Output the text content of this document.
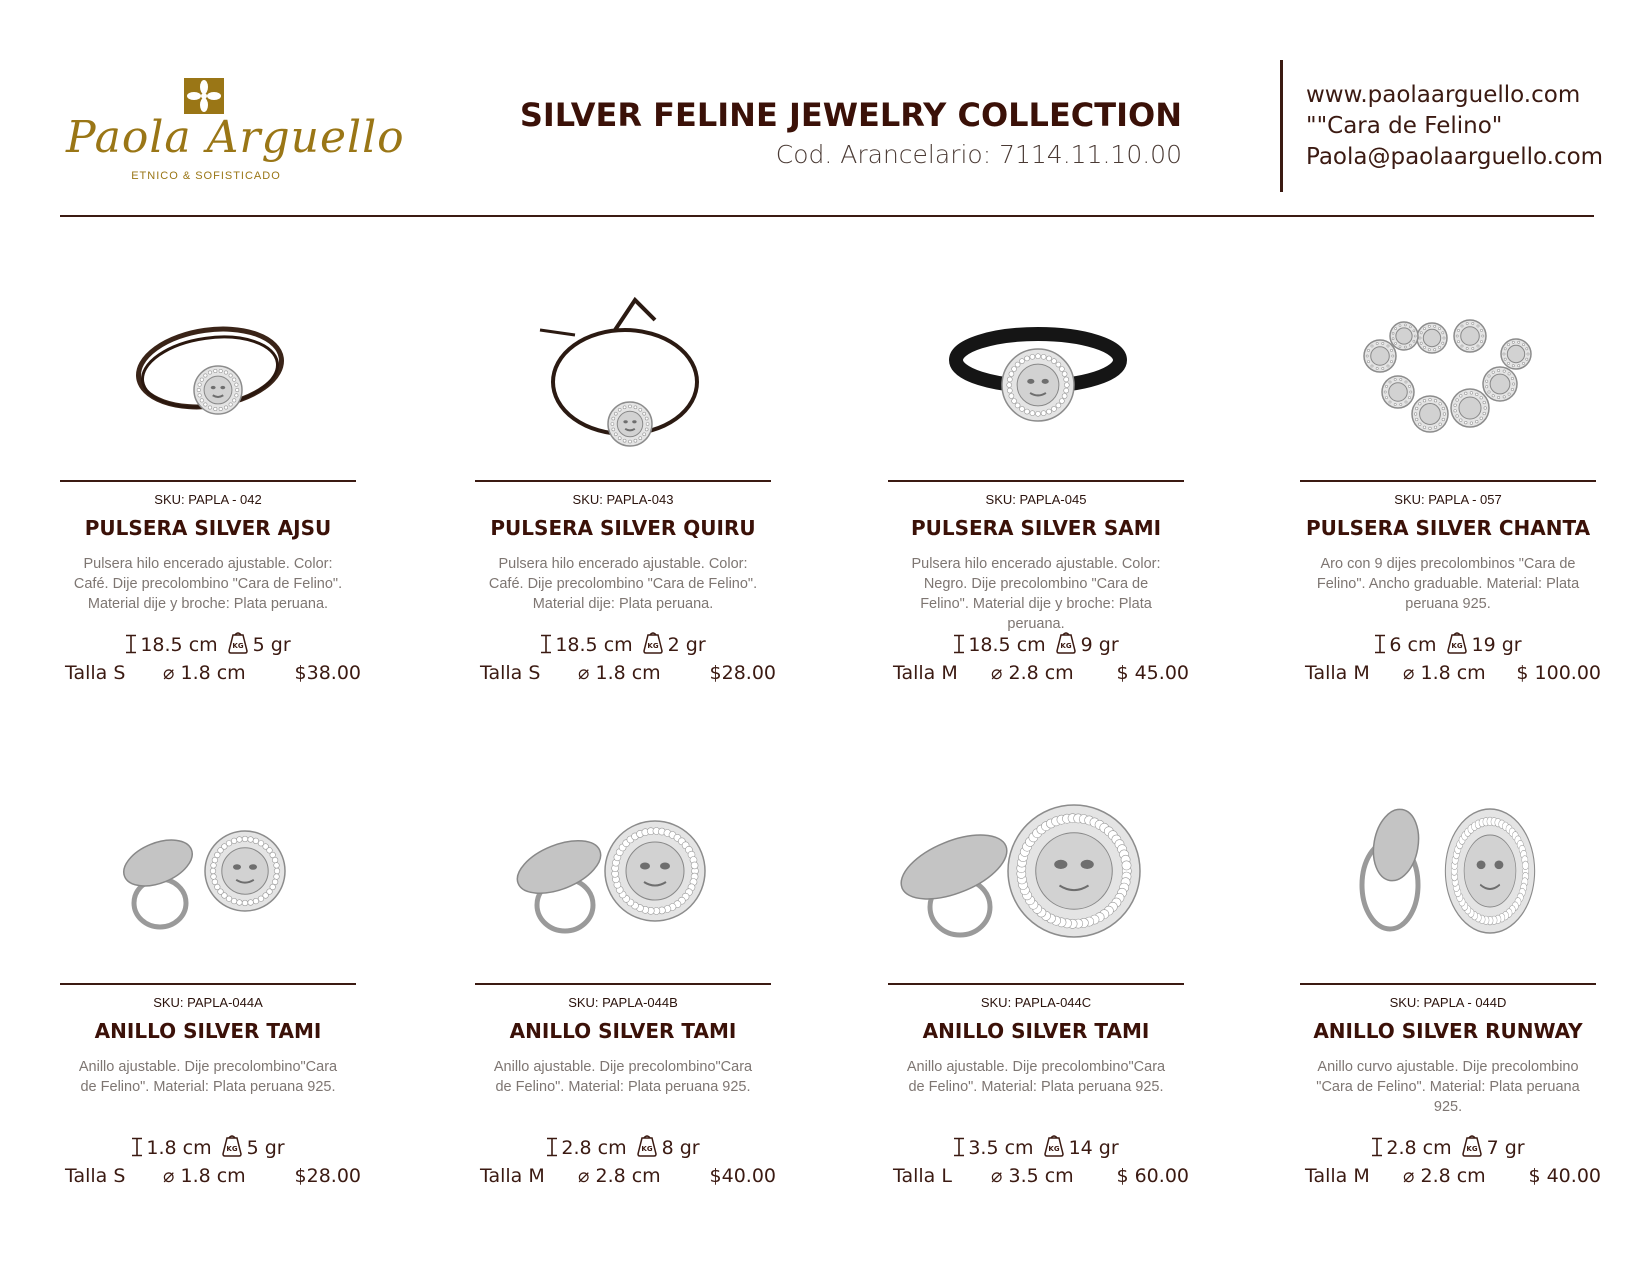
Paola Arguello
ETNICO & SOFISTICADO
SILVER FELINE JEWELRY COLLECTION
Cod. Arancelario: 7114.11.10.00
www.paolaarguello.com
""Cara de Felino"
Paola@paolaarguello.com
SKU: PAPLA - 042
PULSERA SILVER AJSU
Pulsera hilo encerado ajustable. Color: Café. Dije precolombino "Cara de Felino". Material dije y broche: Plata peruana.
18.5 cm KG 5 gr
Talla S ⌀ 1.8 cm	$38.00
SKU: PAPLA-043
PULSERA SILVER QUIRU
Pulsera hilo encerado ajustable. Color: Café. Dije precolombino "Cara de Felino". Material dije: Plata peruana.
18.5 cm KG 2 gr
Talla S ⌀ 1.8 cm	$28.00
SKU: PAPLA-045
PULSERA SILVER SAMI
Pulsera hilo encerado ajustable. Color: Negro. Dije precolombino "Cara de Felino". Material dije y broche: Plata peruana.
18.5 cm KG 9 gr
Talla M ⌀ 2.8 cm $ 45.00
SKU: PAPLA - 057
PULSERA SILVER CHANTA
Aro con 9 dijes precolombinos "Cara de Felino". Ancho graduable. Material: Plata peruana 925.
6 cm KG 19 gr
Talla M ⌀ 1.8 cm $ 100.00
SKU: PAPLA-044A
ANILLO SILVER TAMI
Anillo ajustable. Dije precolombino"Cara de Felino". Material: Plata peruana 925.
1.8 cm KG 5 gr
Talla S ⌀ 1.8 cm	$28.00
SKU: PAPLA-044B
ANILLO SILVER TAMI
Anillo ajustable. Dije precolombino"Cara de Felino". Material: Plata peruana 925.
2.8 cm KG 8 gr
Talla M ⌀ 2.8 cm	$40.00
SKU: PAPLA-044C
ANILLO SILVER TAMI
Anillo ajustable. Dije precolombino"Cara de Felino". Material: Plata peruana 925.
3.5 cm KG 14 gr
Talla L ⌀ 3.5 cm $ 60.00
SKU: PAPLA - 044D
ANILLO SILVER RUNWAY
Anillo curvo ajustable. Dije precolombino "Cara de Felino". Material: Plata peruana 925.
2.8 cm KG 7 gr
Talla M ⌀ 2.8 cm $ 40.00
